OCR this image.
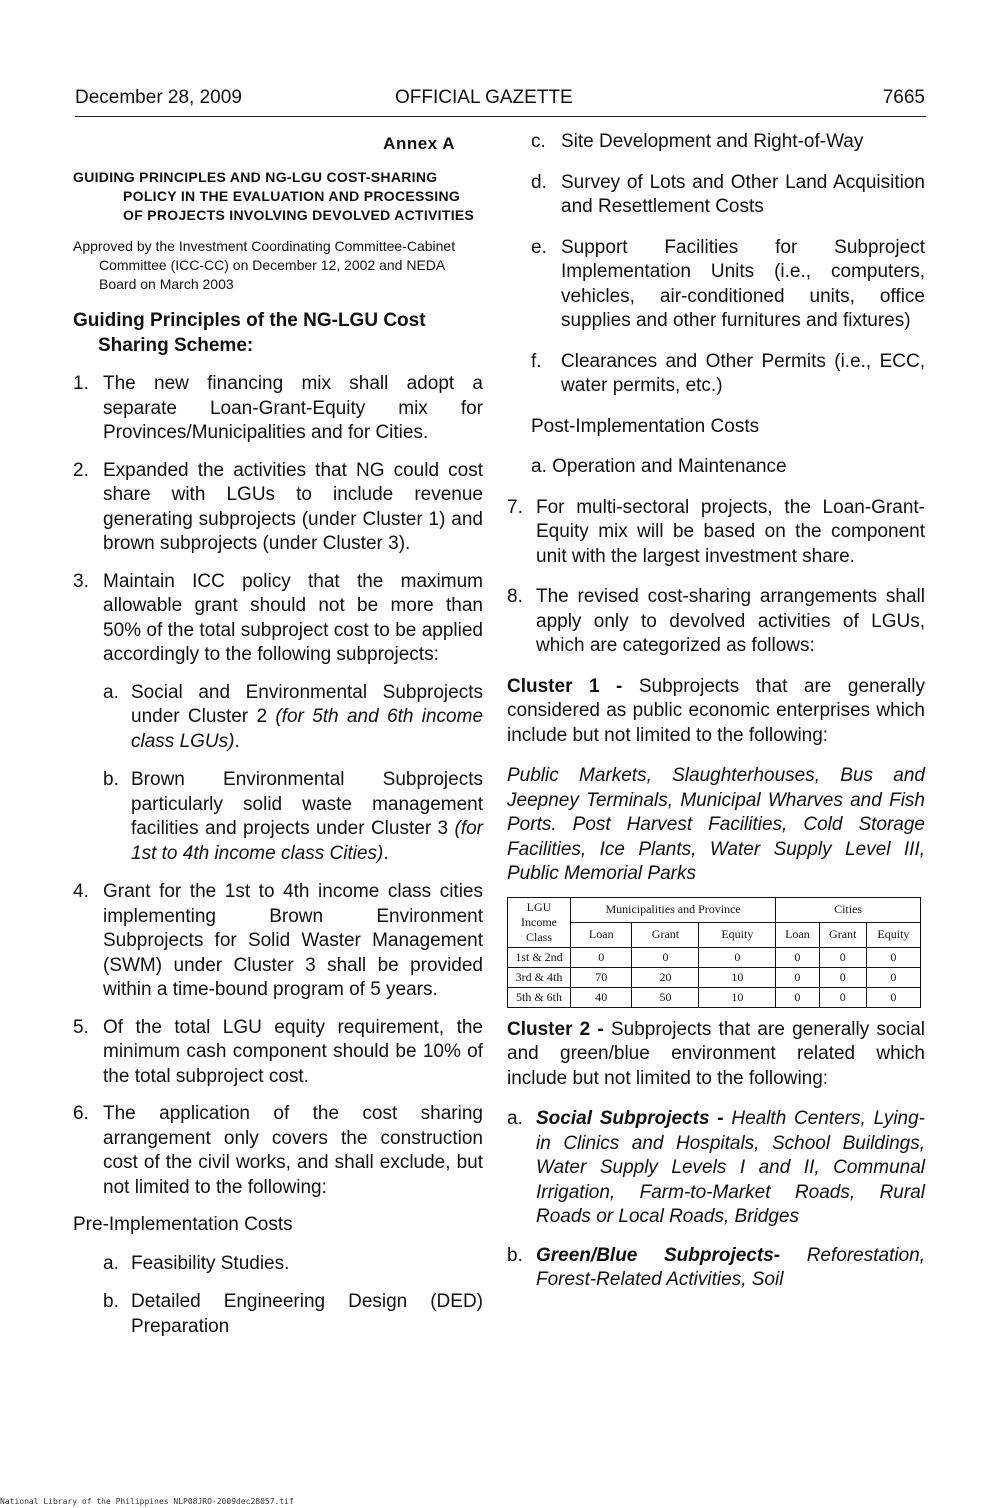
December 28, 2009	OFFICIAL GAZETTE	7665
Annex A
GUIDING PRINCIPLES AND NG-LGU COST-SHARING POLICY IN THE EVALUATION AND PROCESSING OF PROJECTS INVOLVING DEVOLVED ACTIVITIES
Approved by the Investment Coordinating Committee-Cabinet Committee (ICC-CC) on December 12, 2002 and NEDA Board on March 2003
Guiding Principles of the NG-LGU Cost Sharing Scheme:
1. The new financing mix shall adopt a separate Loan-Grant-Equity mix for Provinces/Municipalities and for Cities.
2. Expanded the activities that NG could cost share with LGUs to include revenue generating subprojects (under Cluster 1) and brown subprojects (under Cluster 3).
3. Maintain ICC policy that the maximum allowable grant should not be more than 50% of the total subproject cost to be applied accordingly to the following subprojects:
a. Social and Environmental Subprojects under Cluster 2 (for 5th and 6th income class LGUs).
b. Brown Environmental Subprojects particularly solid waste management facilities and projects under Cluster 3 (for 1st to 4th income class Cities).
4. Grant for the 1st to 4th income class cities implementing Brown Environment Subprojects for Solid Waster Management (SWM) under Cluster 3 shall be provided within a time-bound program of 5 years.
5. Of the total LGU equity requirement, the minimum cash component should be 10% of the total subproject cost.
6. The application of the cost sharing arrangement only covers the construction cost of the civil works, and shall exclude, but not limited to the following:
Pre-Implementation Costs
a. Feasibility Studies.
b. Detailed Engineering Design (DED) Preparation
c. Site Development and Right-of-Way
d. Survey of Lots and Other Land Acquisition and Resettlement Costs
e. Support Facilities for Subproject Implementation Units (i.e., computers, vehicles, air-conditioned units, office supplies and other furnitures and fixtures)
f. Clearances and Other Permits (i.e., ECC, water permits, etc.)
Post-Implementation Costs
a. Operation and Maintenance
7. For multi-sectoral projects, the Loan-Grant-Equity mix will be based on the component unit with the largest investment share.
8. The revised cost-sharing arrangements shall apply only to devolved activities of LGUs, which are categorized as follows:
Cluster 1 - Subprojects that are generally considered as public economic enterprises which include but not limited to the following:
Public Markets, Slaughterhouses, Bus and Jeepney Terminals, Municipal Wharves and Fish Ports. Post Harvest Facilities, Cold Storage Facilities, Ice Plants, Water Supply Level III, Public Memorial Parks
LGU Income Class	Municipalities and Province			Cities		
	Loan	Grant	Equity	Loan	Grant	Equity
1st & 2nd	0	0	0	0	0	0
3rd & 4th	70	20	10	0	0	0
5th & 6th	40	50	10	0	0	0
Cluster 2 - Subprojects that are generally social and green/blue environment related which include but not limited to the following:
a. Social Subprojects - Health Centers, Lying-in Clinics and Hospitals, School Buildings, Water Supply Levels I and II, Communal Irrigation, Farm-to-Market Roads, Rural Roads or Local Roads, Bridges
b. Green/Blue Subprojects- Reforestation, Forest-Related Activities, Soil
National Library of the Philippines NLP08JRO-2009dec28057.tif
